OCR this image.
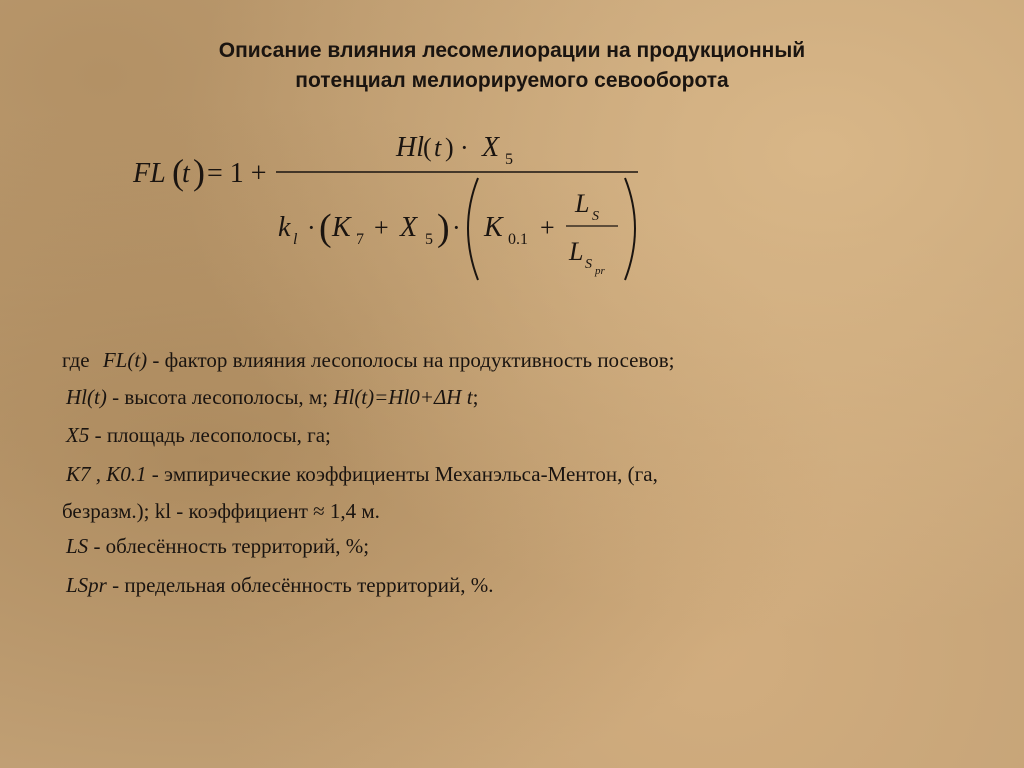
Описание влияния лесомелиорации на продукционный
потенциал мелиорируемого севооборота
FL (
t ) = 1 +
Hl ( t ) · X 5
k l · ( K 7 + X 5 ) · K 0.1 +
L S
L S pr
где FL(t) - фактор влияния лесополосы на продуктивность посевов;
Hl(t) - высота лесополосы, м; Hl(t)=Hl0+ΔH t;
X5 - площадь лесополосы, га;
K7 , K0.1 - эмпирические коэффициенты Механэльса-Ментон, (га,
безразм.); kl - коэффициент ≈ 1,4 м.
LS - облесённость территорий, %;
LSpr - предельная облесённость территорий, %.
